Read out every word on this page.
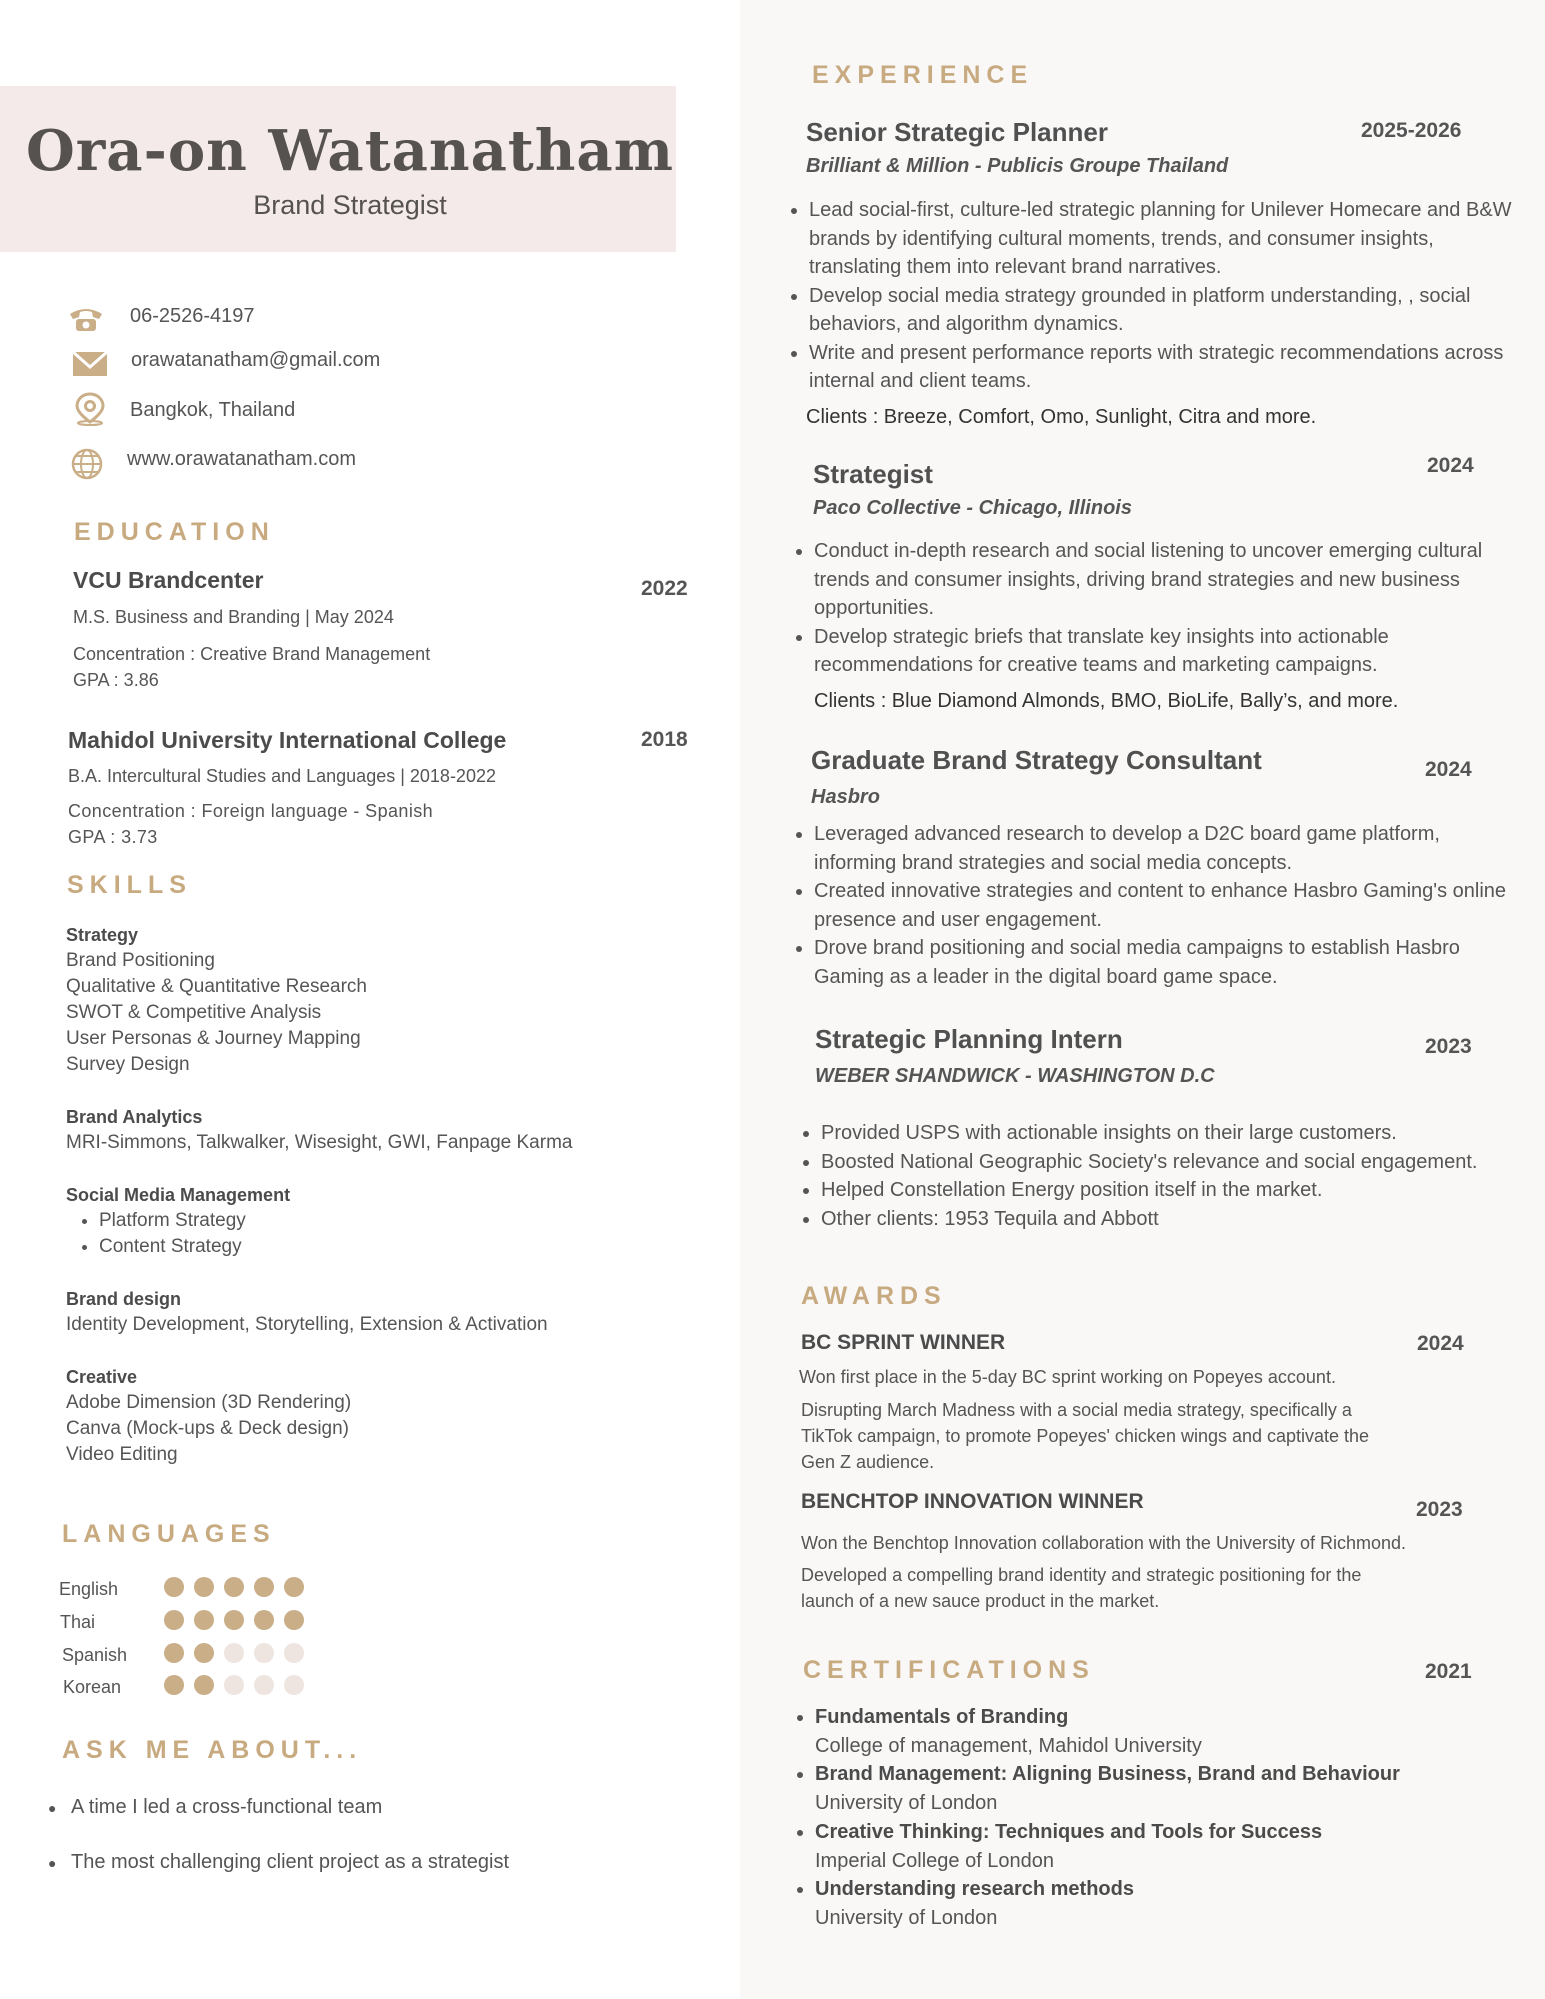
Ora-on Watanatham
Brand Strategist
06-2526-4197
orawatanatham@gmail.com
Bangkok, Thailand
www.orawatanatham.com
EDUCATION
VCU Brandcenter	2022
M.S. Business and Branding | May 2024
Concentration : Creative Brand Management
GPA : 3.86
Mahidol University International College	2018
B.A. Intercultural Studies and Languages | 2018-2022
Concentration : Foreign language - Spanish
GPA : 3.73
SKILLS
Strategy
Brand Positioning
Qualitative & Quantitative Research
SWOT & Competitive Analysis
User Personas & Journey Mapping
Survey Design
Brand Analytics
MRI-Simmons, Talkwalker, Wisesight, GWI, Fanpage Karma
Social Media Management
• Platform Strategy
• Content Strategy
Brand design
Identity Development, Storytelling, Extension & Activation
Creative
Adobe Dimension (3D Rendering)
Canva (Mock-ups & Deck design)
Video Editing
LANGUAGES
English
Thai
Spanish
Korean
ASK ME ABOUT...
● A time I led a cross-functional team
● The most challenging client project as a strategist
EXPERIENCE
Senior Strategic Planner	2025-2026
Brilliant & Million - Publicis Groupe Thailand
• Lead social-first, culture-led strategic planning for Unilever Homecare and B&W brands by identifying cultural moments, trends, and consumer insights, translating them into relevant brand narratives.
• Develop social media strategy grounded in platform understanding, , social behaviors, and algorithm dynamics.
• Write and present performance reports with strategic recommendations across internal and client teams.
Clients : Breeze, Comfort, Omo, Sunlight, Citra and more.
Strategist	2024
Paco Collective - Chicago, Illinois
• Conduct in-depth research and social listening to uncover emerging cultural trends and consumer insights, driving brand strategies and new business opportunities.
• Develop strategic briefs that translate key insights into actionable recommendations for creative teams and marketing campaigns.
Clients : Blue Diamond Almonds, BMO, BioLife, Bally’s, and more.
Graduate Brand Strategy Consultant	2024
Hasbro
• Leveraged advanced research to develop a D2C board game platform, informing brand strategies and social media concepts.
• Created innovative strategies and content to enhance Hasbro Gaming's online presence and user engagement.
• Drove brand positioning and social media campaigns to establish Hasbro Gaming as a leader in the digital board game space.
Strategic Planning Intern	2023
WEBER SHANDWICK - WASHINGTON D.C
• Provided USPS with actionable insights on their large customers.
• Boosted National Geographic Society's relevance and social engagement.
• Helped Constellation Energy position itself in the market.
• Other clients: 1953 Tequila and Abbott
AWARDS
BC SPRINT WINNER	2024
Won first place in the 5-day BC sprint working on Popeyes account.
Disrupting March Madness with a social media strategy, specifically a TikTok campaign, to promote Popeyes' chicken wings and captivate the Gen Z audience.
BENCHTOP INNOVATION WINNER	2023
Won the Benchtop Innovation collaboration with the University of Richmond.
Developed a compelling brand identity and strategic positioning for the launch of a new sauce product in the market.
CERTIFICATIONS	2021
• Fundamentals of Branding
College of management, Mahidol University
• Brand Management: Aligning Business, Brand and Behaviour
University of London
• Creative Thinking: Techniques and Tools for Success
Imperial College of London
• Understanding research methods
University of London
